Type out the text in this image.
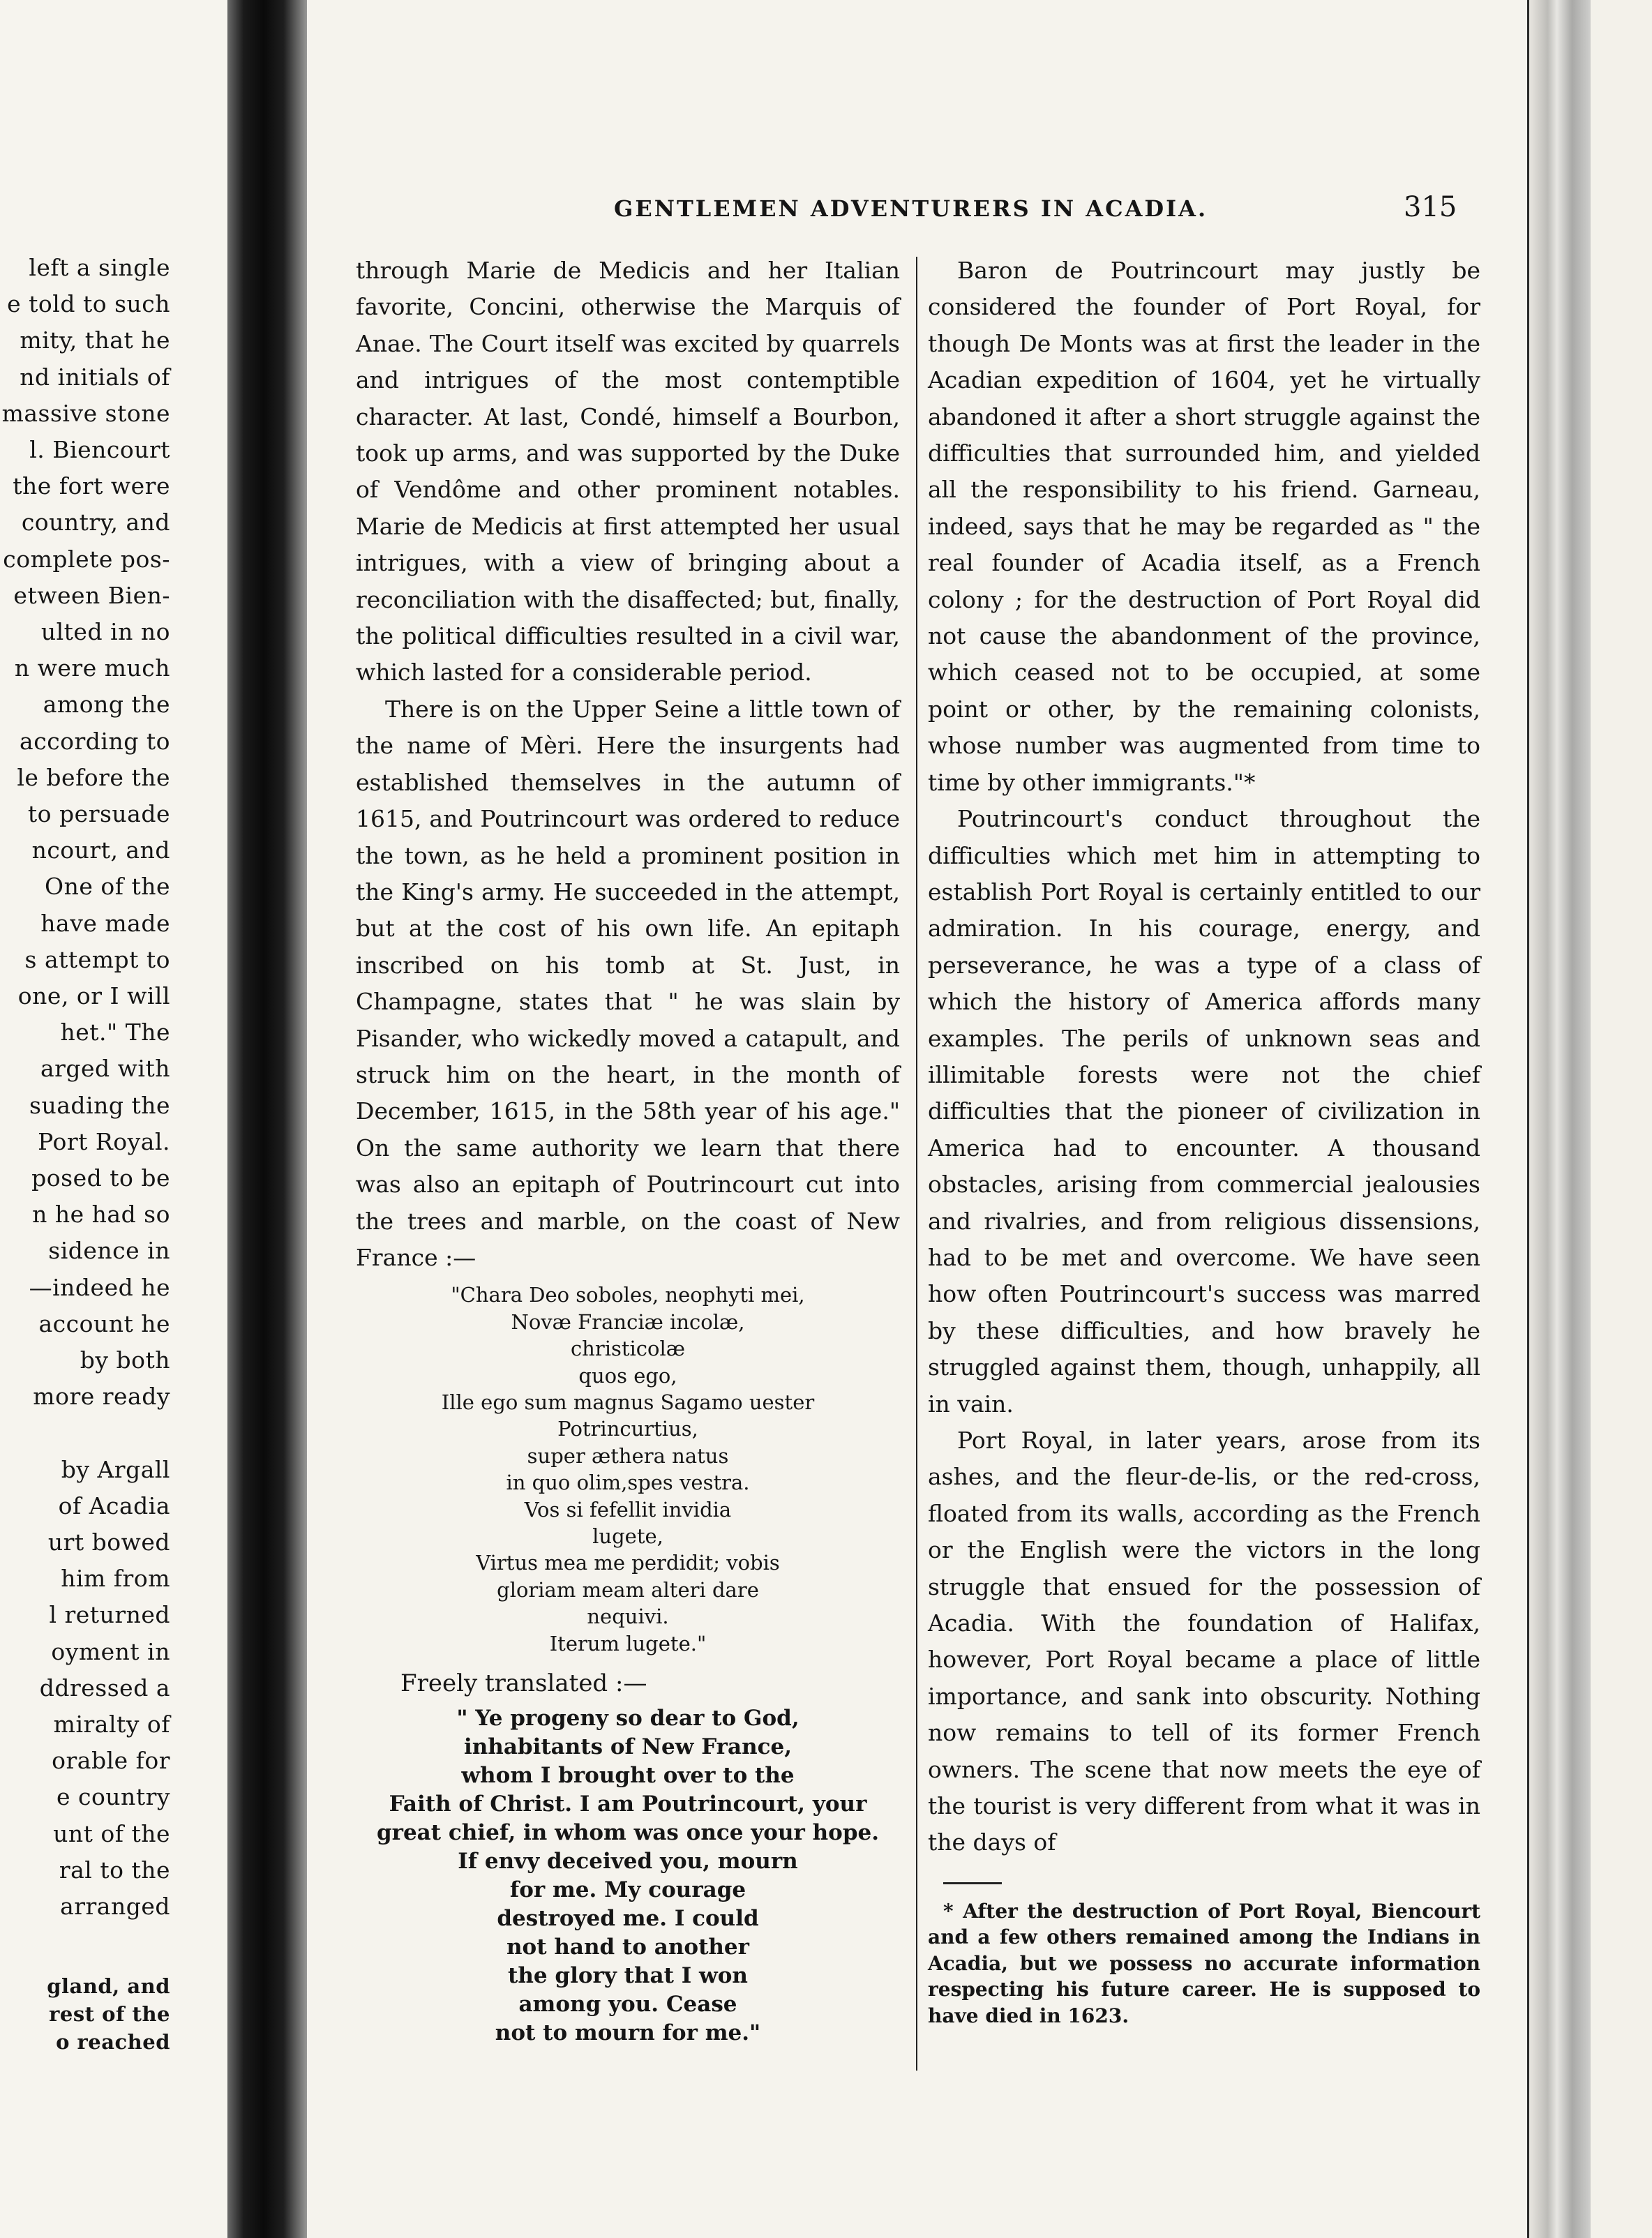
left a single
e told to such
mity, that he
nd initials of
massive stone
l. Biencourt
the fort were
country, and
complete pos-
etween Bien-
ulted in no
n were much
among the
according to
le before the
to persuade
ncourt, and
One of the
have made
s attempt to
one, or I will
het." The
arged with
suading the
Port Royal.
posed to be
n he had so
sidence in
—indeed he
account he
by both
more ready
by Argall
of Acadia
urt bowed
him from
l returned
oyment in
ddressed a
miralty of
orable for
e country
unt of the
ral to the
arranged
gland, and
rest of the
o reached
GENTLEMEN ADVENTURERS IN ACADIA.	315

through Marie de Medicis and her Italian favorite, Concini, otherwise the Marquis of Anae. The Court itself was excited by quarrels and intrigues of the most contemptible character. At last, Condé, himself a Bourbon, took up arms, and was supported by the Duke of Vendôme and other prominent notables. Marie de Medicis at first attempted her usual intrigues, with a view of bringing about a reconciliation with the disaffected; but, finally, the political difficulties resulted in a civil war, which lasted for a considerable period.

There is on the Upper Seine a little town of the name of Mèri. Here the insurgents had established themselves in the autumn of 1615, and Poutrincourt was ordered to reduce the town, as he held a prominent position in the King's army. He succeeded in the attempt, but at the cost of his own life. An epitaph inscribed on his tomb at St. Just, in Champagne, states that " he was slain by Pisander, who wickedly moved a catapult, and struck him on the heart, in the month of December, 1615, in the 58th year of his age." On the same authority we learn that there was also an epitaph of Poutrincourt cut into the trees and marble, on the coast of New France :—

"Chara Deo soboles, neophyti mei,
Novæ Franciæ incolæ,
christicolæ
quos ego,
Ille ego sum magnus Sagamo uester
Potrincurtius,
super æthera natus
in quo olim,spes vestra.
Vos si fefellit invidia
lugete,
Virtus mea me perdidit; vobis
gloriam meam alteri dare
nequivi.
Iterum lugete."
Freely translated :—
" Ye progeny so dear to God,
inhabitants of New France,
whom I brought over to the
Faith of Christ. I am Poutrincourt, your
great chief, in whom was once your hope.
If envy deceived you, mourn
for me. My courage
destroyed me. I could
not hand to another
the glory that I won
among you. Cease
not to mourn for me."

Baron de Poutrincourt may justly be considered the founder of Port Royal, for though De Monts was at first the leader in the Acadian expedition of 1604, yet he virtually abandoned it after a short struggle against the difficulties that surrounded him, and yielded all the responsibility to his friend. Garneau, indeed, says that he may be regarded as " the real founder of Acadia itself, as a French colony ; for the destruction of Port Royal did not cause the abandonment of the province, which ceased not to be occupied, at some point or other, by the remaining colonists, whose number was augmented from time to time by other immigrants."*

Poutrincourt's conduct throughout the difficulties which met him in attempting to establish Port Royal is certainly entitled to our admiration. In his courage, energy, and perseverance, he was a type of a class of which the history of America affords many examples. The perils of unknown seas and illimitable forests were not the chief difficulties that the pioneer of civilization in America had to encounter. A thousand obstacles, arising from commercial jealousies and rivalries, and from religious dissensions, had to be met and overcome. We have seen how often Poutrincourt's success was marred by these difficulties, and how bravely he struggled against them, though, unhappily, all in vain.

Port Royal, in later years, arose from its ashes, and the fleur-de-lis, or the red-cross, floated from its walls, according as the French or the English were the victors in the long struggle that ensued for the possession of Acadia. With the foundation of Halifax, however, Port Royal became a place of little importance, and sank into obscurity. Nothing now remains to tell of its former French owners. The scene that now meets the eye of the tourist is very different from what it was in the days of

* After the destruction of Port Royal, Biencourt and a few others remained among the Indians in Acadia, but we possess no accurate information respecting his future career. He is supposed to have died in 1623.
